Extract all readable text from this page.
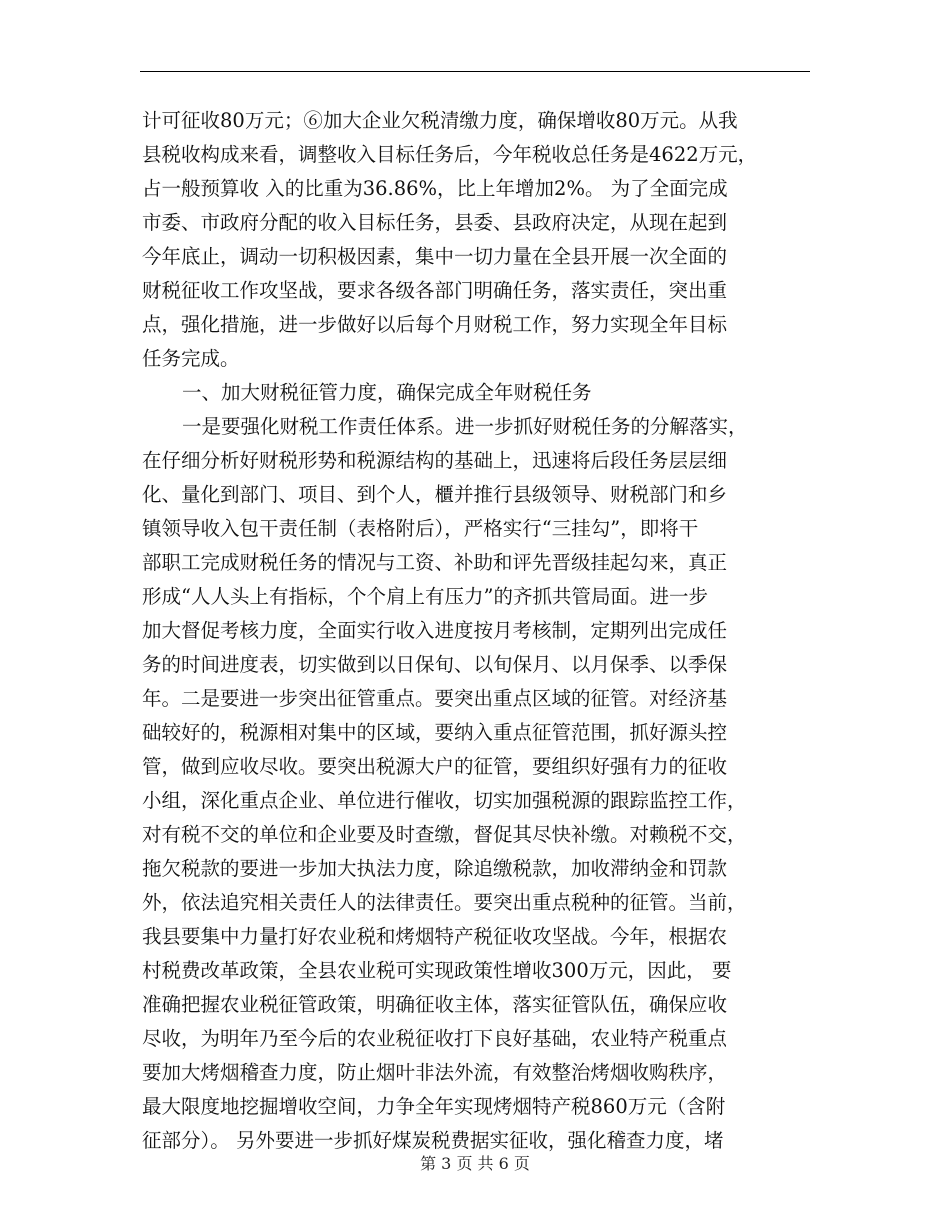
计可征收80万元；⑥加大企业欠税清缴力度，确保增收80万元。从我
县税收构成来看，调整收入目标任务后，今年税收总任务是4622万元，
占一般预算收 入的比重为36.86%，比上年增加2%。 为了全面完成
市委、市政府分配的收入目标任务，县委、县政府决定，从现在起到
今年底止，调动一切积极因素，集中一切力量在全县开展一次全面的
财税征收工作攻坚战，要求各级各部门明确任务，落实责任，突出重
点，强化措施，进一步做好以后每个月财税工作，努力实现全年目标
任务完成。
一、加大财税征管力度，确保完成全年财税任务
一是要强化财税工作责任体系。进一步抓好财税任务的分解落实，
在仔细分析好财税形势和税源结构的基础上，迅速将后段任务层层细
化、量化到部门、项目、到个人，櫃并推行县级领导、财税部门和乡
镇领导收入包干责任制（表格附后），严格实行“三挂勾”，即将干
部职工完成财税任务的情况与工资、补助和评先晋级挂起勾来，真正
形成“人人头上有指标，个个肩上有压力”的齐抓共管局面。进一步
加大督促考核力度，全面实行收入进度按月考核制，定期列出完成任
务的时间进度表，切实做到以日保旬、以旬保月、以月保季、以季保
年。二是要进一步突出征管重点。要突出重点区域的征管。对经济基
础较好的，税源相对集中的区域，要纳入重点征管范围，抓好源头控
管，做到应收尽收。要突出税源大户的征管，要组织好强有力的征收
小组，深化重点企业、单位进行催收，切实加强税源的跟踪监控工作，
对有税不交的单位和企业要及时查缴，督促其尽快补缴。对赖税不交，
拖欠税款的要进一步加大执法力度，除追缴税款，加收滞纳金和罚款
外，依法追究相关责任人的法律责任。要突出重点税种的征管。当前，
我县要集中力量打好农业税和烤烟特产税征收攻坚战。今年，根据农
村税费改革政策，全县农业税可实现政策性增收300万元，因此， 要
准确把握农业税征管政策，明确征收主体，落实征管队伍，确保应收
尽收，为明年乃至今后的农业税征收打下良好基础，农业特产税重点
要加大烤烟稽查力度，防止烟叶非法外流，有效整治烤烟收购秩序，
最大限度地挖掘增收空间，力争全年实现烤烟特产税860万元（含附
征部分）。 另外要进一步抓好煤炭税费据实征收，强化稽查力度，堵
第 3 页 共 6 页
